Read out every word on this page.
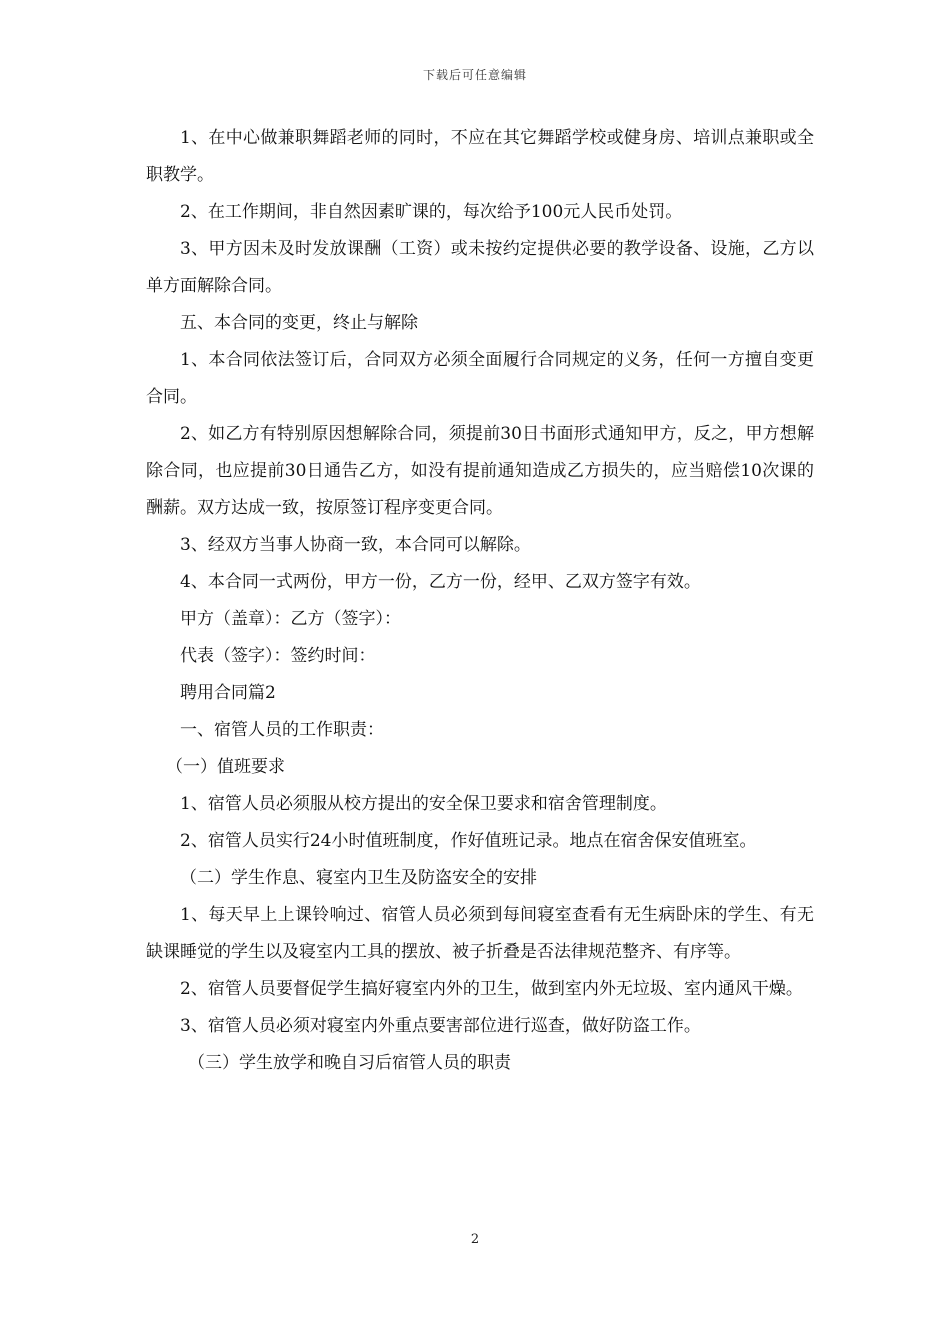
下载后可任意编辑

1、在中心做兼职舞蹈老师的同时，不应在其它舞蹈学校或健身房、培训点兼职或全职教学。

2、在工作期间，非自然因素旷课的，每次给予100元人民币处罚。

3、甲方因未及时发放课酬（工资）或未按约定提供必要的教学设备、设施，乙方以单方面解除合同。

五、本合同的变更，终止与解除

1、本合同依法签订后，合同双方必须全面履行合同规定的义务，任何一方擅自变更合同。

2、如乙方有特别原因想解除合同，须提前30日书面形式通知甲方，反之，甲方想解除合同，也应提前30日通告乙方，如没有提前通知造成乙方损失的，应当赔偿10次课的酬薪。双方达成一致，按原签订程序变更合同。

3、经双方当事人协商一致，本合同可以解除。

4、本合同一式两份，甲方一份，乙方一份，经甲、乙双方签字有效。

甲方（盖章）：乙方（签字）：

代表（签字）：签约时间：

聘用合同篇2

一、宿管人员的工作职责：

（一）值班要求

1、宿管人员必须服从校方提出的安全保卫要求和宿舍管理制度。

2、宿管人员实行24小时值班制度，作好值班记录。地点在宿舍保安值班室。

（二）学生作息、寝室内卫生及防盗安全的安排

1、每天早上上课铃响过、宿管人员必须到每间寝室查看有无生病卧床的学生、有无缺课睡觉的学生以及寝室内工具的摆放、被子折叠是否法律规范整齐、有序等。

2、宿管人员要督促学生搞好寝室内外的卫生，做到室内外无垃圾、室内通风干燥。

3、宿管人员必须对寝室内外重点要害部位进行巡查，做好防盗工作。

（三）学生放学和晚自习后宿管人员的职责

2
